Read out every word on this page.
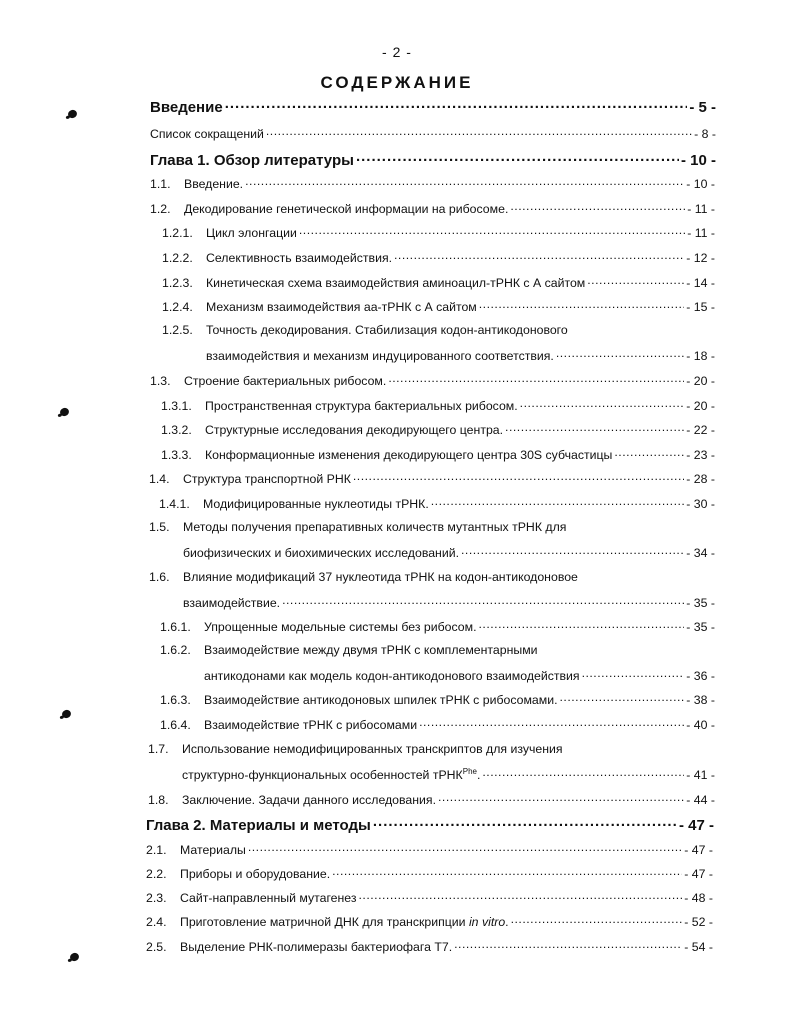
- 2 -
СОДЕРЖАНИЕ
Введение .....	- 5 -
Список сокращений .....	- 8 -
Глава 1. Обзор литературы .....	- 10 -
1.1.	Введение. .....	- 10 -
1.2.	Декодирование генетической информации на рибосоме. .....	- 11 -
1.2.1.	Цикл элонгации .....	- 11 -
1.2.2.	Селективность взаимодействия. .....	- 12 -
1.2.3.	Кинетическая схема взаимодействия аминоацил-тРНК с А сайтом .....	- 14 -
1.2.4.	Механизм взаимодействия аа-тРНК с А сайтом .....	- 15 -
1.2.5.	Точность декодирования. Стабилизация кодон-антикодонового
взаимодействия и механизм индуцированного соответствия. .....	- 18 -
1.3.	Строение бактериальных рибосом. .....	- 20 -
1.3.1.	Пространственная структура бактериальных рибосом. .....	- 20 -
1.3.2.	Структурные исследования декодирующего центра. .....	- 22 -
1.3.3.	Конформационные изменения декодирующего центра 30S субчастицы .....	- 23 -
1.4.	Структура транспортной РНК .....	- 28 -
1.4.1.	Модифицированные нуклеотиды тРНК. .....	- 30 -
1.5.	Методы получения препаративных количеств мутантных тРНК для
биофизических и биохимических исследований. .....	- 34 -
1.6.	Влияние модификаций 37 нуклеотида тРНК на кодон-антикодоновое
взаимодействие. .....	- 35 -
1.6.1.	Упрощенные модельные системы без рибосом. .....	- 35 -
1.6.2.	Взаимодействие между двумя тРНК с комплементарными
антикодонами как модель кодон-антикодонового взаимодействия .....	- 36 -
1.6.3.	Взаимодействие антикодоновых шпилек тРНК с рибосомами. .....	- 38 -
1.6.4.	Взаимодействие тРНК с рибосомами .....	- 40 -
1.7.	Использование немодифицированных транскриптов для изучения
структурно-функциональных особенностей тРНК$^{Phe}$. .....	- 41 -
1.8.	Заключение. Задачи данного исследования. .....	- 44 -
Глава 2. Материалы и методы .....	- 47 -
2.1.	Материалы .....	- 47 -
2.2.	Приборы и оборудование. .....	- 47 -
2.3.	Сайт-направленный мутагенез .....	- 48 -
2.4.	Приготовление матричной ДНК для транскрипции in vitro. .....	- 52 -
2.5.	Выделение РНК-полимеразы бактериофага Т7. .....	- 54 -
